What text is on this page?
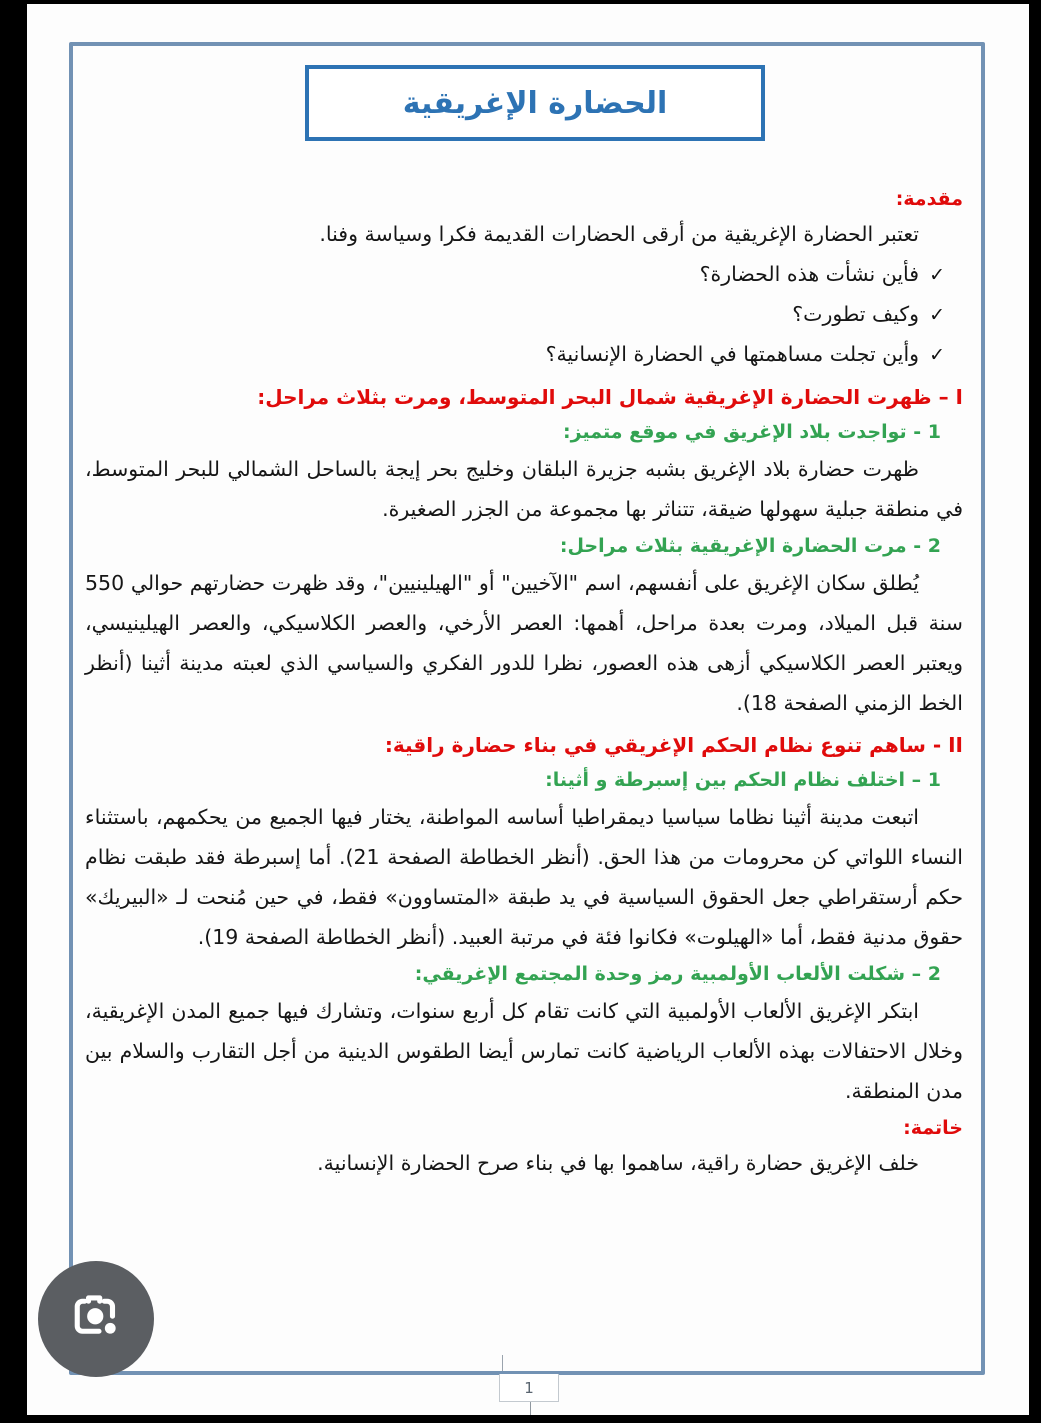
الحضارة الإغريقية
مقدمة:
تعتبر الحضارة الإغريقية من أرقى الحضارات القديمة فكرا وسياسة وفنا.
✓فأين نشأت هذه الحضارة؟
✓وكيف تطورت؟
✓وأين تجلت مساهمتها في الحضارة الإنسانية؟
I – ظهرت الحضارة الإغريقية شمال البحر المتوسط، ومرت بثلاث مراحل:
1 - تواجدت بلاد الإغريق في موقع متميز:
ظهرت حضارة بلاد الإغريق بشبه جزيرة البلقان وخليج بحر إيجة بالساحل الشمالي للبحر المتوسط، في منطقة جبلية سهولها ضيقة، تتناثر بها مجموعة من الجزر الصغيرة.
2 - مرت الحضارة الإغريقية بثلاث مراحل:
يُطلق سكان الإغريق على أنفسهم، اسم "الآخيين" أو "الهيلينيين"، وقد ظهرت حضارتهم حوالي 550 سنة قبل الميلاد، ومرت بعدة مراحل، أهمها: العصر الأرخي، والعصر الكلاسيكي، والعصر الهيلينيسي، ويعتبر العصر الكلاسيكي أزهى هذه العصور، نظرا للدور الفكري والسياسي الذي لعبته مدينة أثينا (أنظر الخط الزمني الصفحة 18).
II - ساهم تنوع نظام الحكم الإغريقي في بناء حضارة راقية:
1 – اختلف نظام الحكم بين إسبرطة و أثينا:
اتبعت مدينة أثينا نظاما سياسيا ديمقراطيا أساسه المواطنة، يختار فيها الجميع من يحكمهم، باستثناء النساء اللواتي كن محرومات من هذا الحق. (أنظر الخطاطة الصفحة 21). أما إسبرطة فقد طبقت نظام حكم أرستقراطي جعل الحقوق السياسية في يد طبقة «المتساوون» فقط، في حين مُنحت لـ «البيريك» حقوق مدنية فقط، أما «الهيلوت» فكانوا فئة في مرتبة العبيد. (أنظر الخطاطة الصفحة 19).
2 – شكلت الألعاب الأولمبية رمز وحدة المجتمع الإغريقي:
ابتكر الإغريق الألعاب الأولمبية التي كانت تقام كل أربع سنوات، وتشارك فيها جميع المدن الإغريقية، وخلال الاحتفالات بهذه الألعاب الرياضية كانت تمارس أيضا الطقوس الدينية من أجل التقارب والسلام بين مدن المنطقة.
خاتمة:
خلف الإغريق حضارة راقية، ساهموا بها في بناء صرح الحضارة الإنسانية.
1
